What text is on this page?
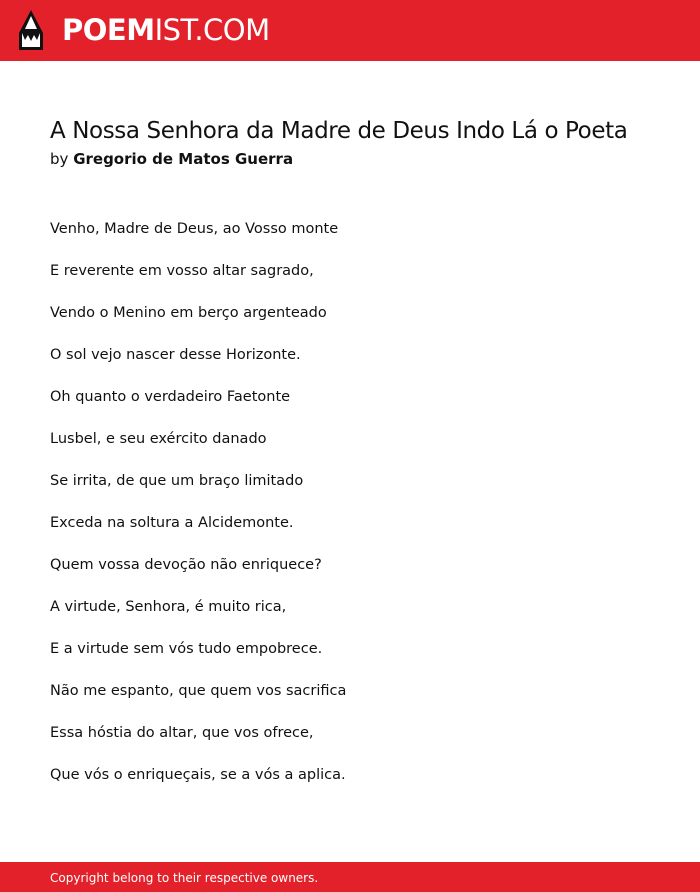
POEMIST.COM
A Nossa Senhora da Madre de Deus Indo Lá o Poeta
by Gregorio de Matos Guerra
Venho, Madre de Deus, ao Vosso monte
E reverente em vosso altar sagrado,
Vendo o Menino em berço argenteado
O sol vejo nascer desse Horizonte.
Oh quanto o verdadeiro Faetonte
Lusbel, e seu exército danado
Se irrita, de que um braço limitado
Exceda na soltura a Alcidemonte.
Quem vossa devoção não enriquece?
A virtude, Senhora, é muito rica,
E a virtude sem vós tudo empobrece.
Não me espanto, que quem vos sacrifica
Essa hóstia do altar, que vos ofrece,
Que vós o enriqueçais, se a vós a aplica.
Copyright belong to their respective owners.
